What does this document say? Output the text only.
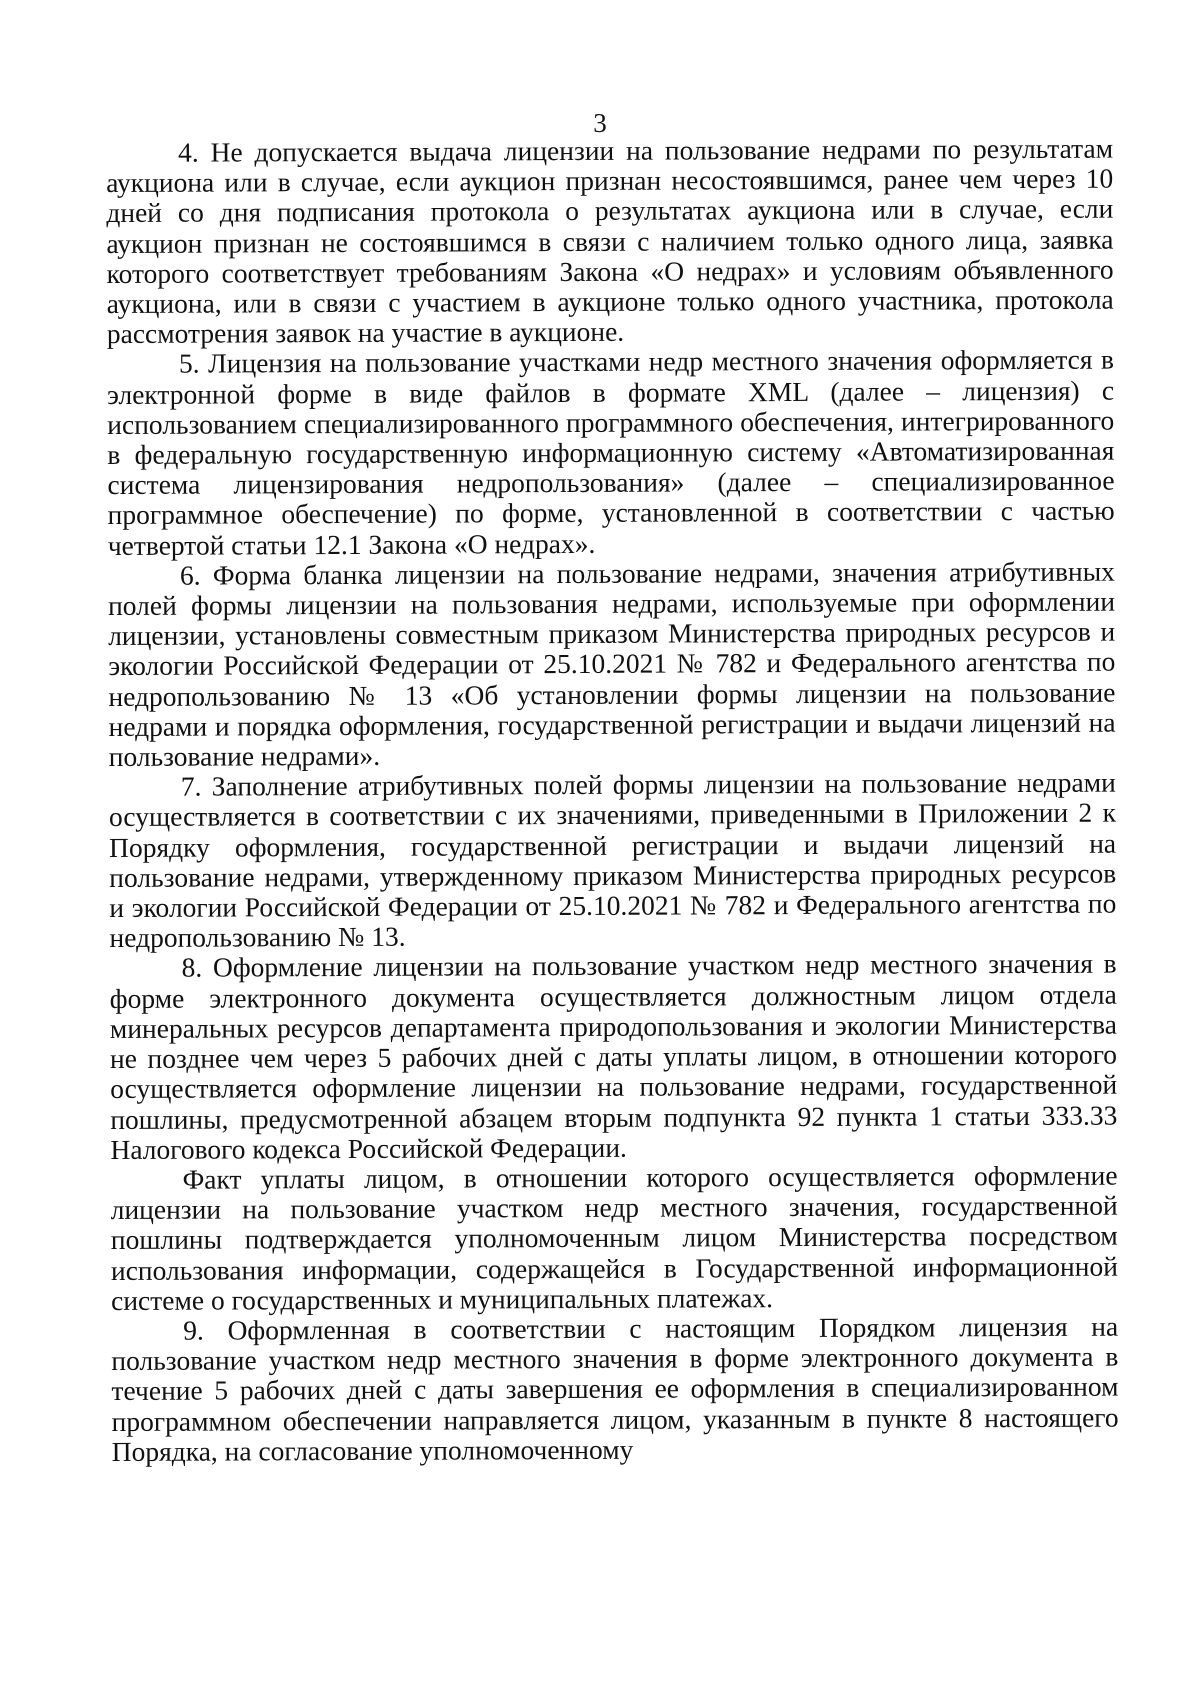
3

4. Не допускается выдача лицензии на пользование недрами по результатам аукциона или в случае, если аукцион признан несостоявшимся, ранее чем через 10 дней со дня подписания протокола о результатах аукциона или в случае, если аукцион признан не состоявшимся в связи с наличием только одного лица, заявка которого соответствует требованиям Закона «О недрах» и условиям объявленного аукциона, или в связи с участием в аукционе только одного участника, протокола рассмотрения заявок на участие в аукционе.

5. Лицензия на пользование участками недр местного значения оформляется в электронной форме в виде файлов в формате XML (далее – лицензия) с использованием специализированного программного обеспечения, интегрированного в федеральную государственную информационную систему «Автоматизированная система лицензирования недропользования» (далее – специализированное программное обеспечение) по форме, установленной в соответствии с частью четвертой статьи 12.1 Закона «О недрах».

6. Форма бланка лицензии на пользование недрами, значения атрибутивных полей формы лицензии на пользования недрами, используемые при оформлении лицензии, установлены совместным приказом Министерства природных ресурсов и экологии Российской Федерации от 25.10.2021 № 782 и Федерального агентства по недропользованию № 13 «Об установлении формы лицензии на пользование недрами и порядка оформления, государственной регистрации и выдачи лицензий на пользование недрами».

7. Заполнение атрибутивных полей формы лицензии на пользование недрами осуществляется в соответствии с их значениями, приведенными в Приложении 2 к Порядку оформления, государственной регистрации и выдачи лицензий на пользование недрами, утвержденному приказом Министерства природных ресурсов и экологии Российской Федерации от 25.10.2021 № 782 и Федерального агентства по недропользованию № 13.

8. Оформление лицензии на пользование участком недр местного значения в форме электронного документа осуществляется должностным лицом отдела минеральных ресурсов департамента природопользования и экологии Министерства не позднее чем через 5 рабочих дней с даты уплаты лицом, в отношении которого осуществляется оформление лицензии на пользование недрами, государственной пошлины, предусмотренной абзацем вторым подпункта 92 пункта 1 статьи 333.33 Налогового кодекса Российской Федерации.

Факт уплаты лицом, в отношении которого осуществляется оформление лицензии на пользование участком недр местного значения, государственной пошлины подтверждается уполномоченным лицом Министерства посредством использования информации, содержащейся в Государственной информационной системе о государственных и муниципальных платежах.

9. Оформленная в соответствии с настоящим Порядком лицензия на пользование участком недр местного значения в форме электронного документа в течение 5 рабочих дней с даты завершения ее оформления в специализированном программном обеспечении направляется лицом, указанным в пункте 8 настоящего Порядка, на согласование уполномоченному
